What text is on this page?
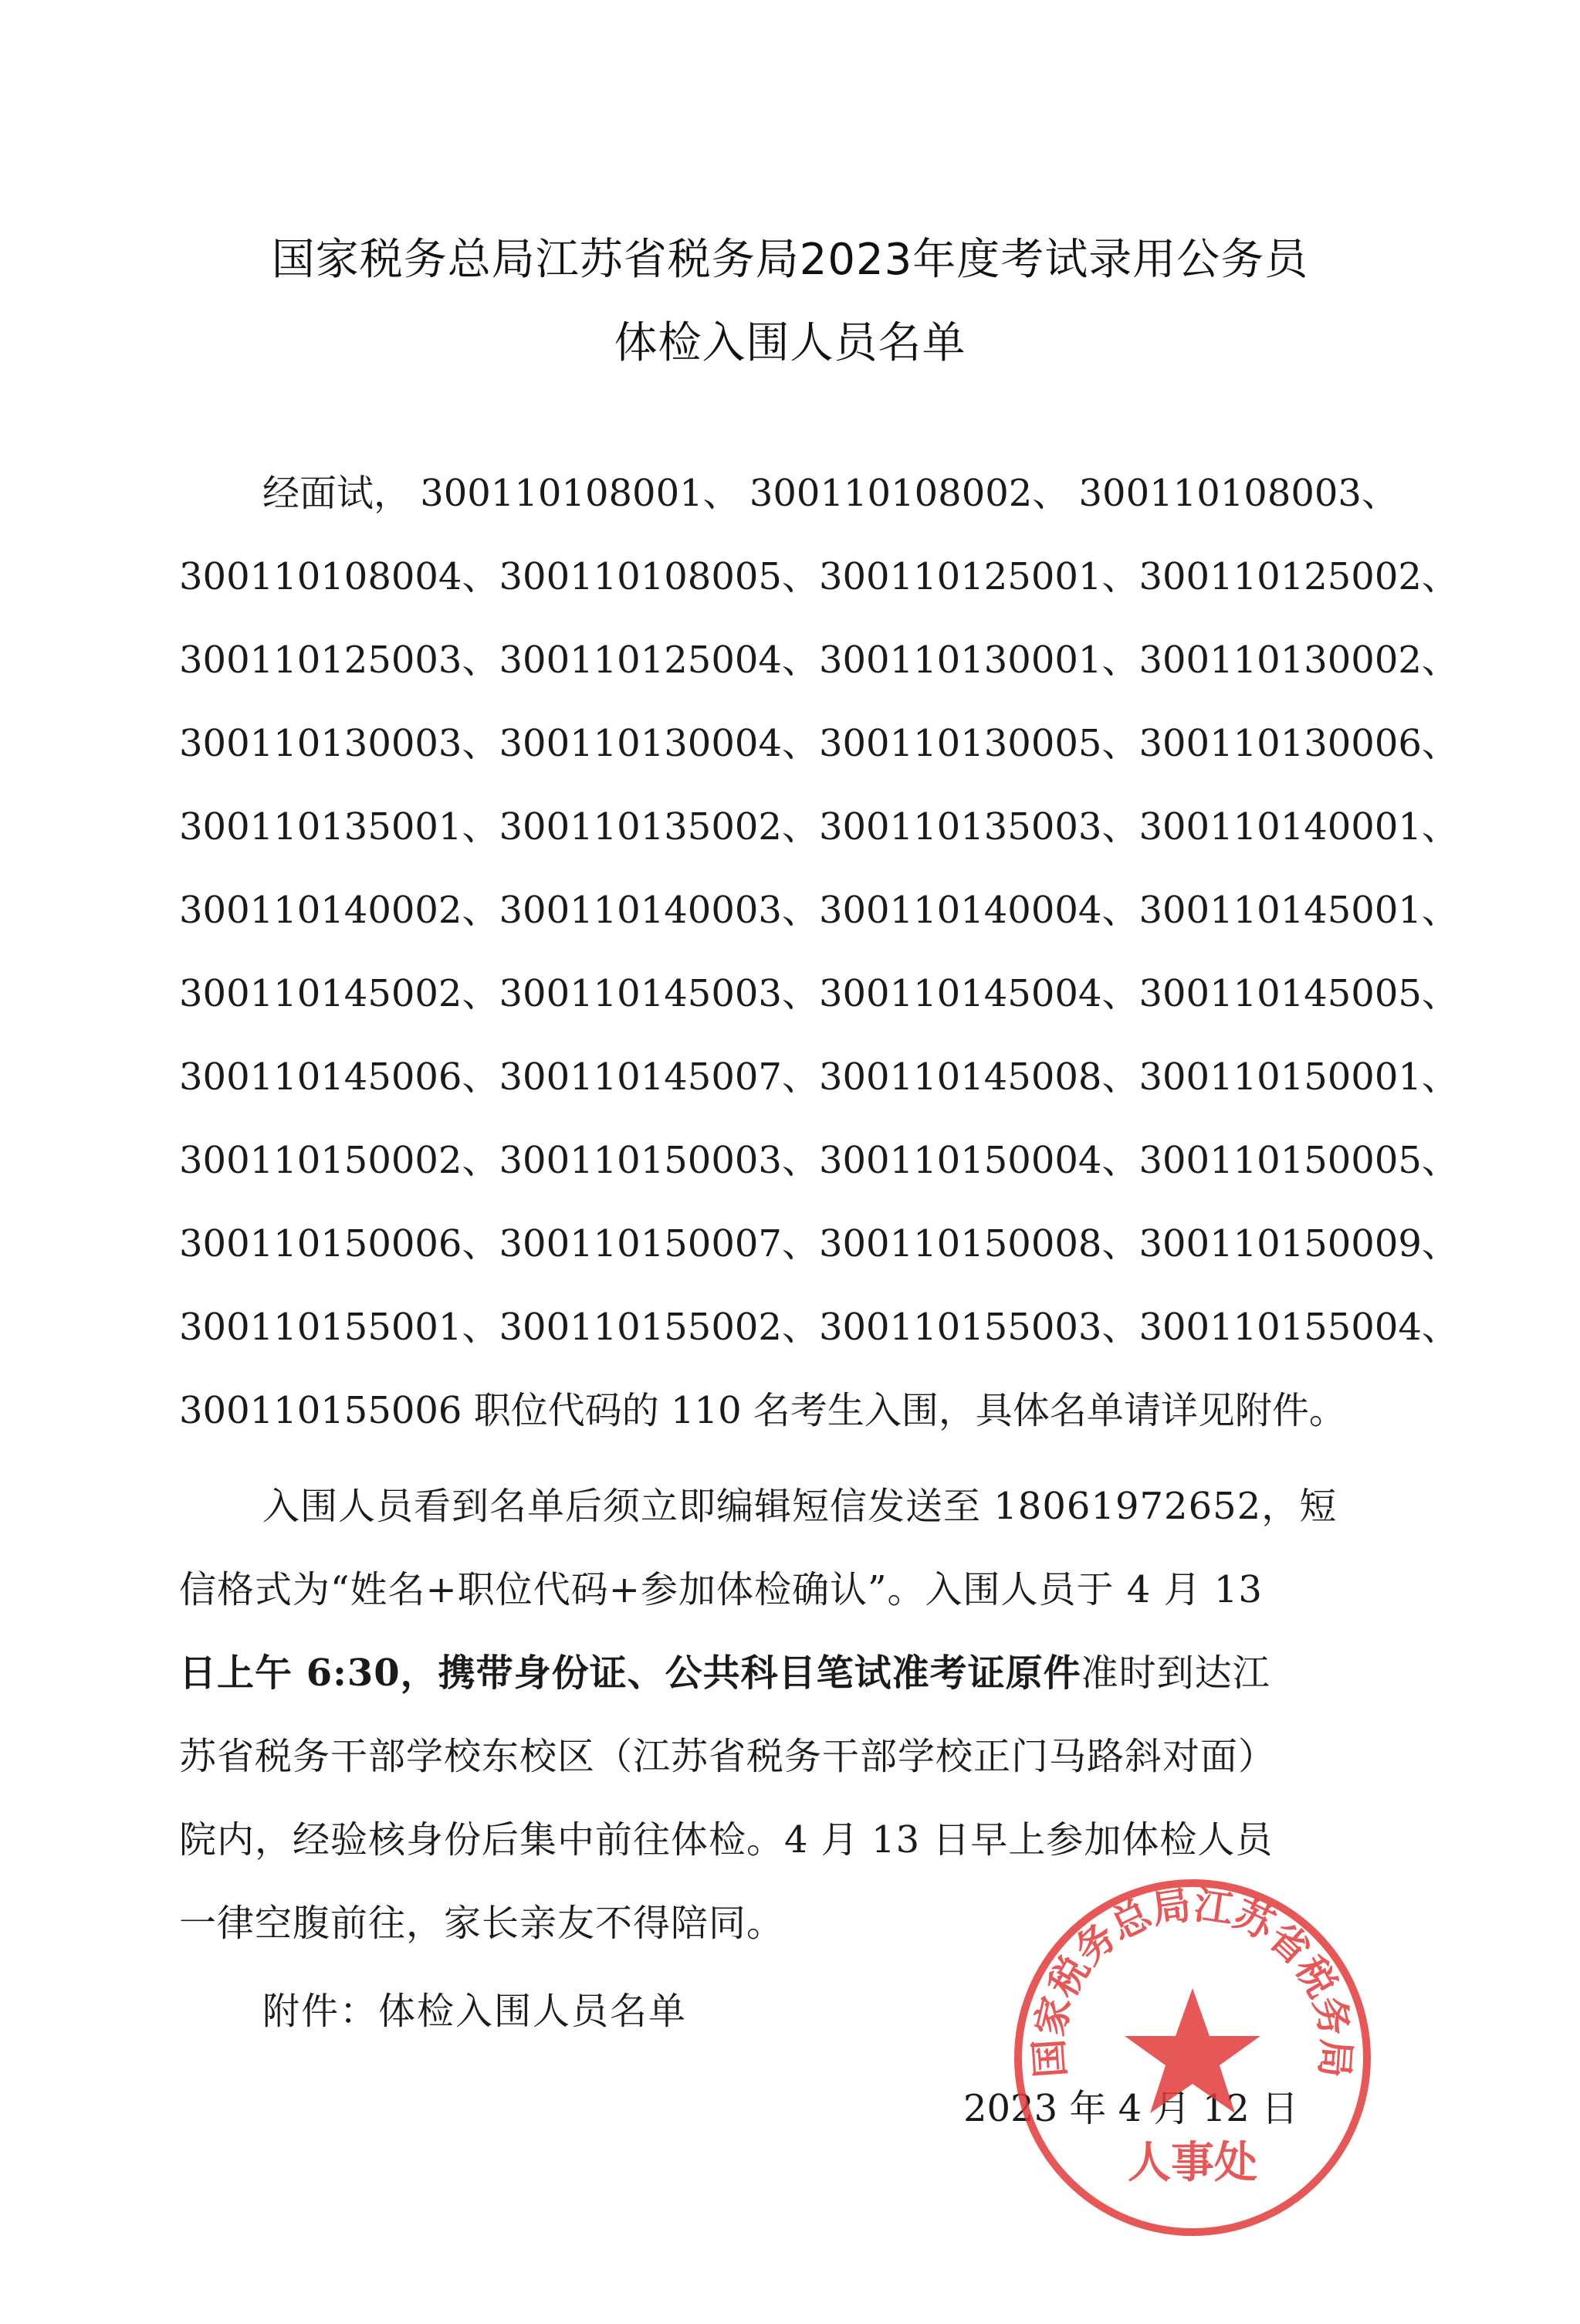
国家税务总局江苏省税务局2023年度考试录用公务员
体检入围人员名单
经面试， 300110108001、 300110108002、 300110108003、
300110108004、 300110108005、 300110125001、 300110125002、
300110125003、 300110125004、 300110130001、 300110130002、
300110130003、 300110130004、 300110130005、 300110130006、
300110135001、 300110135002、 300110135003、 300110140001、
300110140002、 300110140003、 300110140004、 300110145001、
300110145002、 300110145003、 300110145004、 300110145005、
300110145006、 300110145007、 300110145008、 300110150001、
300110150002、 300110150003、 300110150004、 300110150005、
300110150006、 300110150007、 300110150008、 300110150009、
300110155001、 300110155002、 300110155003、 300110155004、
300110155006 职位代码的 110 名考生入围，具体名单请详见附件。
入围人员看到名单后须立即编辑短信发送至 18061972652，短
信格式为“姓名+职位代码+参加体检确认”。入围人员于 4 月 13
日上午 6:30，携带身份证、公共科目笔试准考证原件准时到达江
苏省税务干部学校东校区（江苏省税务干部学校正门马路斜对面）
院内，经验核身份后集中前往体检。4 月 13 日早上参加体检人员
一律空腹前往，家长亲友不得陪同。
附件：体检入围人员名单
2023 年 4 月 12 日
国家税务总局江苏省税务局
人事处
